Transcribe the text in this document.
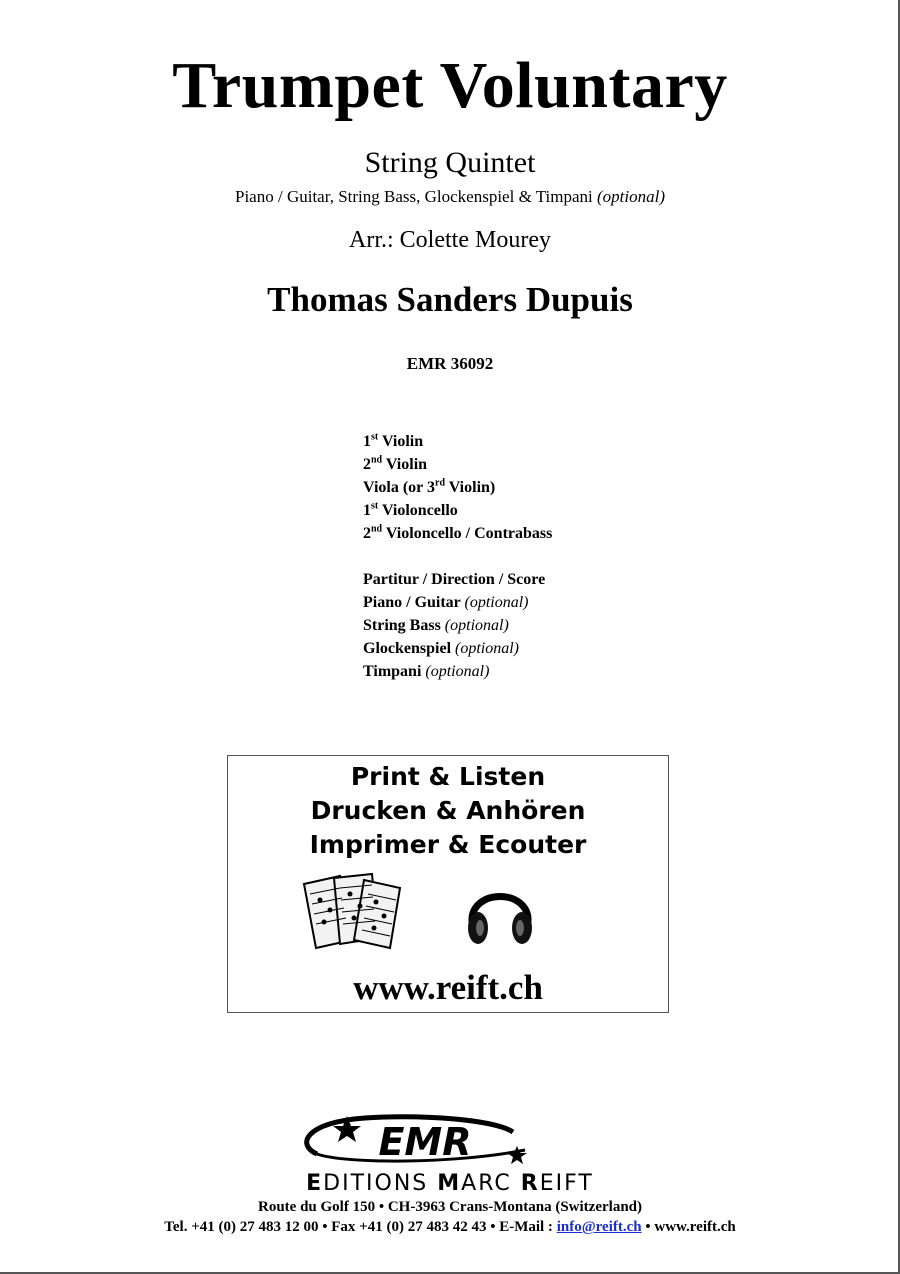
Trumpet Voluntary
String Quintet
Piano / Guitar, String Bass, Glockenspiel & Timpani (optional)
Arr.: Colette Mourey
Thomas Sanders Dupuis
EMR 36092
1st Violin
2nd Violin
Viola (or 3rd Violin)
1st Violoncello
2nd Violoncello / Contrabass
Partitur / Direction / Score
Piano / Guitar (optional)
String Bass (optional)
Glockenspiel (optional)
Timpani (optional)
Print & Listen
Drucken & Anhören
Imprimer & Ecouter
www.reift.ch
EMR
EDITIONS MARC REIFT
Route du Golf 150 • CH-3963 Crans-Montana (Switzerland)
Tel. +41 (0) 27 483 12 00 • Fax +41 (0) 27 483 42 43 • E-Mail : info@reift.ch • www.reift.ch
